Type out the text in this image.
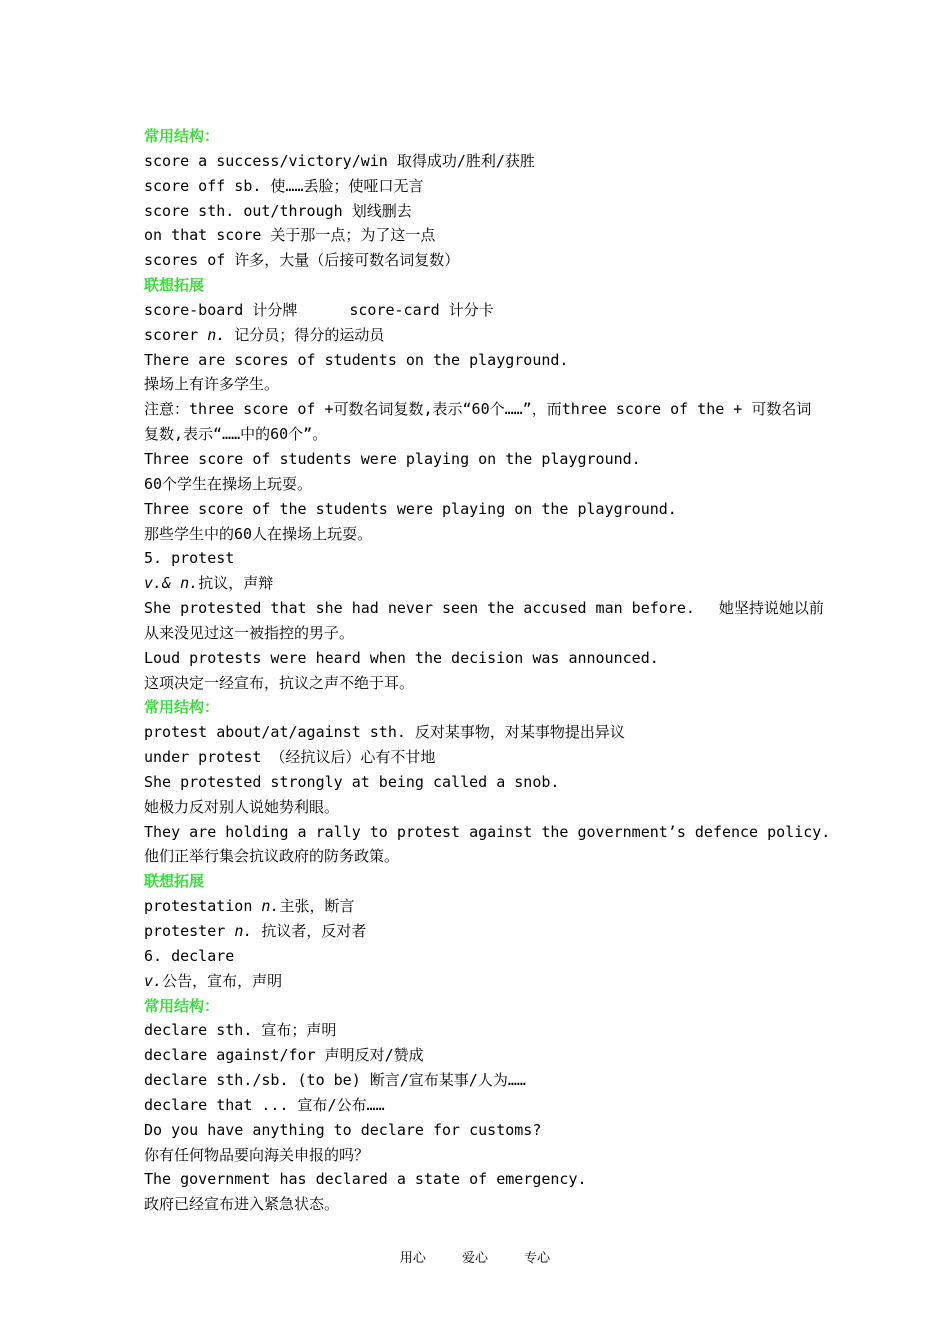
常用结构：
score a success/victory/win 取得成功/胜利/获胜
score off sb. 使……丢脸；使哑口无言
score sth. out/through 划线删去
on that score 关于那一点；为了这一点
scores of 许多，大量（后接可数名词复数）
联想拓展
score-board 计分牌	score-card 计分卡
scorer n. 记分员；得分的运动员
There are scores of students on the playground.
操场上有许多学生。
注意：three score of +可数名词复数,表示“60个……”，而three score of the + 可数名词复数,表示“……中的60个”。
Three score of students were playing on the playground.
60个学生在操场上玩耍。
Three score of the students were playing on the playground.
那些学生中的60人在操场上玩耍。
5. protest
v.& n.抗议，声辩
She protested that she had never seen the accused man before. 她坚持说她以前从来没见过这一被指控的男子。
Loud protests were heard when the decision was announced.
这项决定一经宣布，抗议之声不绝于耳。
常用结构：
protest about/at/against sth. 反对某事物，对某事物提出异议
under protest （经抗议后）心有不甘地
She protested strongly at being called a snob.
她极力反对别人说她势利眼。
They are holding a rally to protest against the government’s defence policy.
他们正举行集会抗议政府的防务政策。
联想拓展
protestation n.主张，断言
protester n. 抗议者，反对者
6. declare
v.公告，宣布，声明
常用结构：
declare sth. 宣布；声明
declare against/for 声明反对/赞成
declare sth./sb. (to be) 断言/宣布某事/人为……
declare that ... 宣布/公布……
Do you have anything to declare for customs?
你有任何物品要向海关申报的吗？
The government has declared a state of emergency.
政府已经宣布进入紧急状态。
用心	爱心	专心
